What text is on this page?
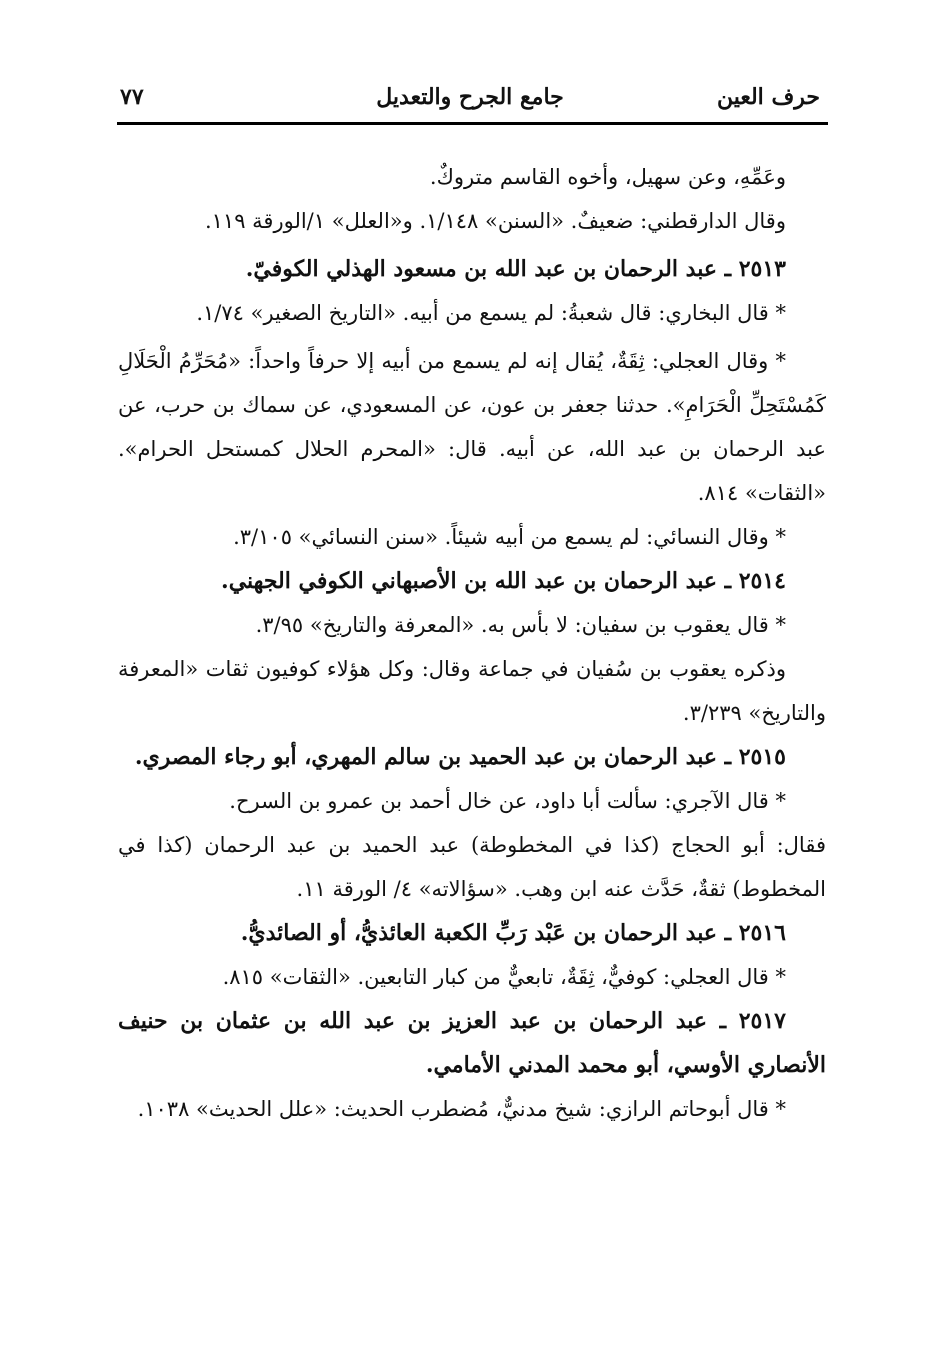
حرف العين
جامع الجرح والتعديل
٧٧

وعَمِّهِ، وعن سهيل، وأخوه القاسم متروكٌ.

وقال الدارقطني: ضعيفٌ. «السنن» ١/١٤٨. و«العلل» ١/الورقة ١١٩.

٢٥١٣ ـ عبد الرحمان بن عبد الله بن مسعود الهذلي الكوفيّ.

* قال البخاري: قال شعبةُ: لم يسمع من أبيه. «التاريخ الصغير» ١/٧٤.

* وقال العجلي: ثِقَةٌ، يُقال إنه لم يسمع من أبيه إلا حرفاً واحداً: «مُحَرِّمُ الْحَلَالِ كَمُسْتَحِلِّ الْحَرَامِ». حدثنا جعفر بن عون، عن المسعودي، عن سماك بن حرب، عن عبد الرحمان بن عبد الله، عن أبيه. قال: «المحرم الحلال كمستحل الحرام». «الثقات» ٨١٤.

* وقال النسائي: لم يسمع من أبيه شيئاً. «سنن النسائي» ٣/١٠٥.

٢٥١٤ ـ عبد الرحمان بن عبد الله بن الأصبهاني الكوفي الجهني.

* قال يعقوب بن سفيان: لا بأس به. «المعرفة والتاريخ» ٣/٩٥.

وذكره يعقوب بن سُفيان في جماعة وقال: وكل هؤلاء كوفيون ثقات «المعرفة والتاريخ» ٣/٢٣٩.

٢٥١٥ ـ عبد الرحمان بن عبد الحميد بن سالم المهري، أبو رجاء المصري.

* قال الآجري: سألت أبا داود، عن خال أحمد بن عمرو بن السرح.

فقال: أبو الحجاج (كذا في المخطوطة) عبد الحميد بن عبد الرحمان (كذا في المخطوط) ثقةٌ، حَدَّث عنه ابن وهب. «سؤالاته» ٤/ الورقة ١١.

٢٥١٦ ـ عبد الرحمان بن عَبْد رَبِّ الكعبة العائذيُّ، أو الصائديُّ.

* قال العجلي: كوفيٌّ، ثِقَةٌ، تابعيٌّ من كبار التابعين. «الثقات» ٨١٥.

٢٥١٧ ـ عبد الرحمان بن عبد العزيز بن عبد الله بن عثمان بن حنيف الأنصاري الأوسي، أبو محمد المدني الأمامي.

* قال أبوحاتم الرازي: شيخ مدنيٌّ، مُضطرب الحديث: «علل الحديث» ١٠٣٨.
